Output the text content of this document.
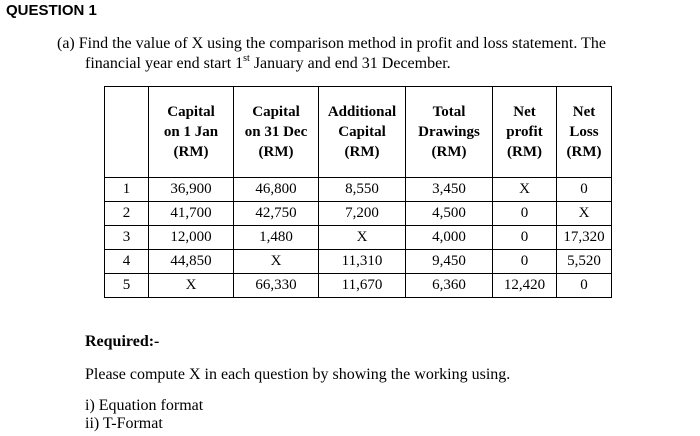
QUESTION 1
(a) Find the value of X using the comparison method in profit and loss statement. The
financial year end start 1st January and end 31 December.
	Capital
on 1 Jan
(RM)	Capital
on 31 Dec
(RM)	Additional
Capital
(RM)	Total
Drawings
(RM)	Net
profit
(RM)	Net
Loss
(RM)
1	36,900	46,800	8,550	3,450	X	0
2	41,700	42,750	7,200	4,500	0	X
3	12,000	1,480	X	4,000	0	17,320
4	44,850	X	11,310	9,450	0	5,520
5	X	66,330	11,670	6,360	12,420	0
Required:-
Please compute X in each question by showing the working using.
i) Equation format
ii) T-Format
